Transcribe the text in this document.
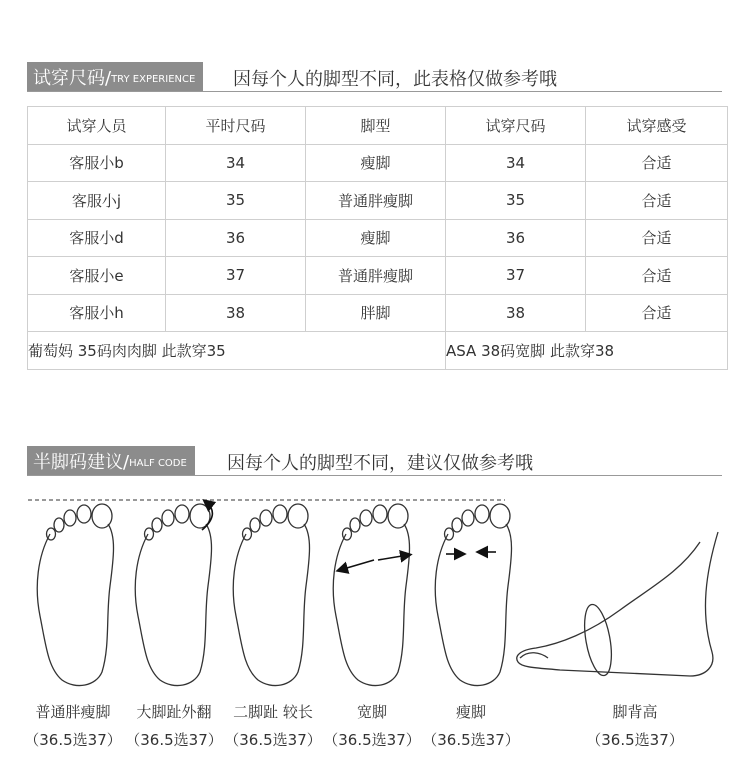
试穿尺码/ TRY EXPERIENCE 因每个人的脚型不同，此表格仅做参考哦
试穿人员	平时尺码	脚型	试穿尺码	试穿感受
客服小b	34	瘦脚	34	合适
客服小j	35	普通胖瘦脚	35	合适
客服小d	36	瘦脚	36	合适
客服小e	37	普通胖瘦脚	37	合适
客服小h	38	胖脚	38	合适
葡萄妈 35码肉肉脚 此款穿35			ASA 38码宽脚 此款穿38	
半脚码建议/ HALF CODE 因每个人的脚型不同，建议仅做参考哦
普通胖瘦脚
（36.5选37）
大脚趾外翻
（36.5选37）
二脚趾 较长
（36.5选37）
宽脚
（36.5选37）
瘦脚
（36.5选37）
脚背高
（36.5选37）
